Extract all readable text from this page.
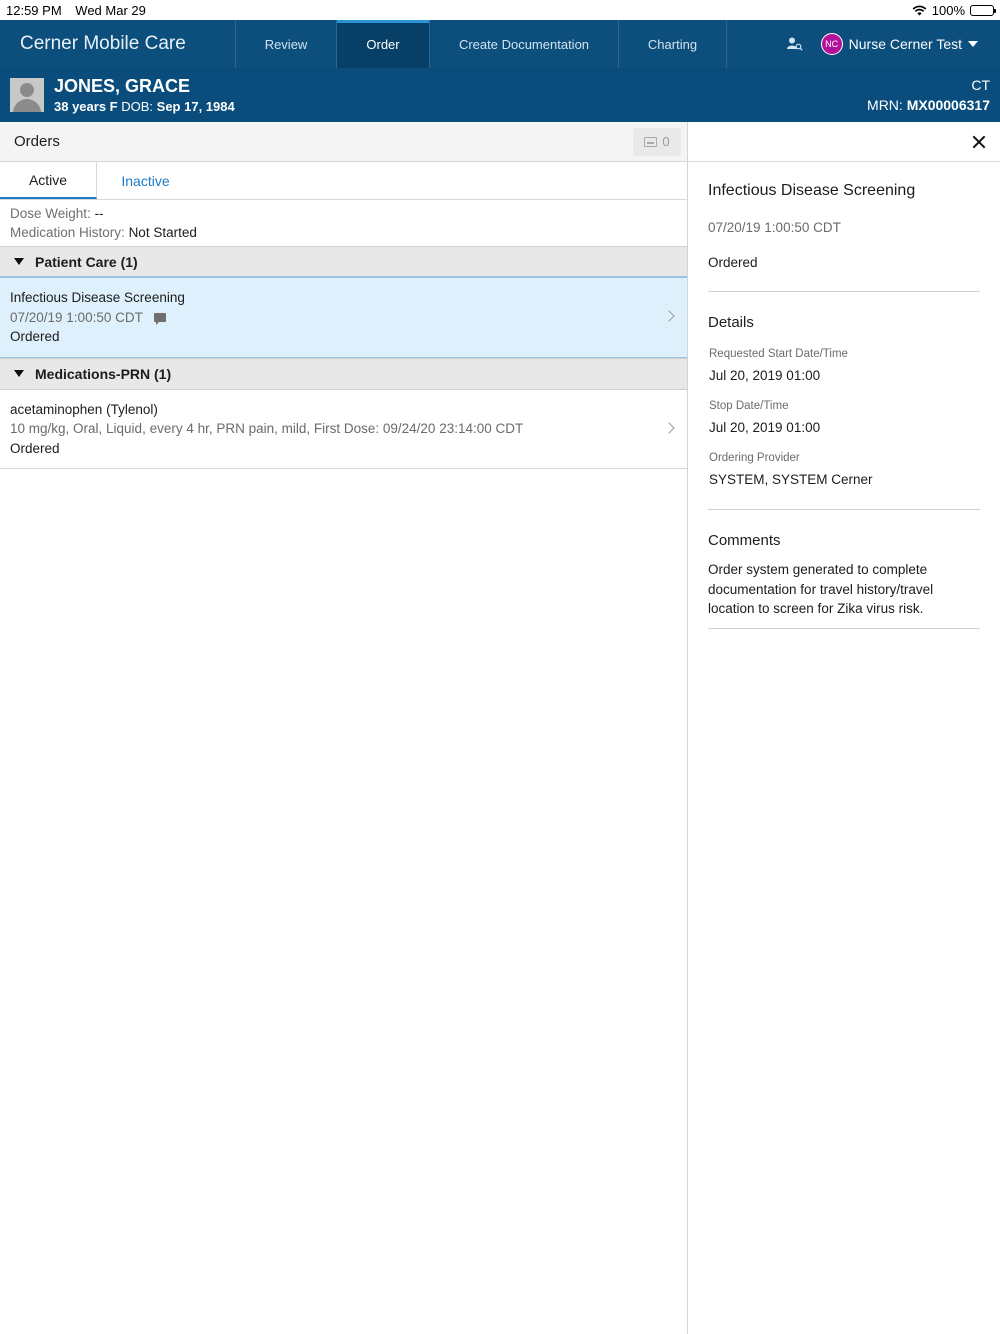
12:59 PM Wed Mar 29	100%
Cerner Mobile Care	Review	Order	Create Documentation	Charting	NC Nurse Cerner Test
JONES, GRACE
38 years F DOB: Sep 17, 1984
CT
MRN: MX00006317
Orders	0
Active	Inactive
Dose Weight: --
Medication History: Not Started
Patient Care (1)
Infectious Disease Screening
07/20/19 1:00:50 CDT
Ordered
Medications-PRN (1)
acetaminophen (Tylenol)
10 mg/kg, Oral, Liquid, every 4 hr, PRN pain, mild, First Dose: 09/24/20 23:14:00 CDT
Ordered
Infectious Disease Screening
07/20/19 1:00:50 CDT
Ordered
Details
Requested Start Date/Time
Jul 20, 2019 01:00
Stop Date/Time
Jul 20, 2019 01:00
Ordering Provider
SYSTEM, SYSTEM Cerner
Comments
Order system generated to complete documentation for travel history/travel location to screen for Zika virus risk.
